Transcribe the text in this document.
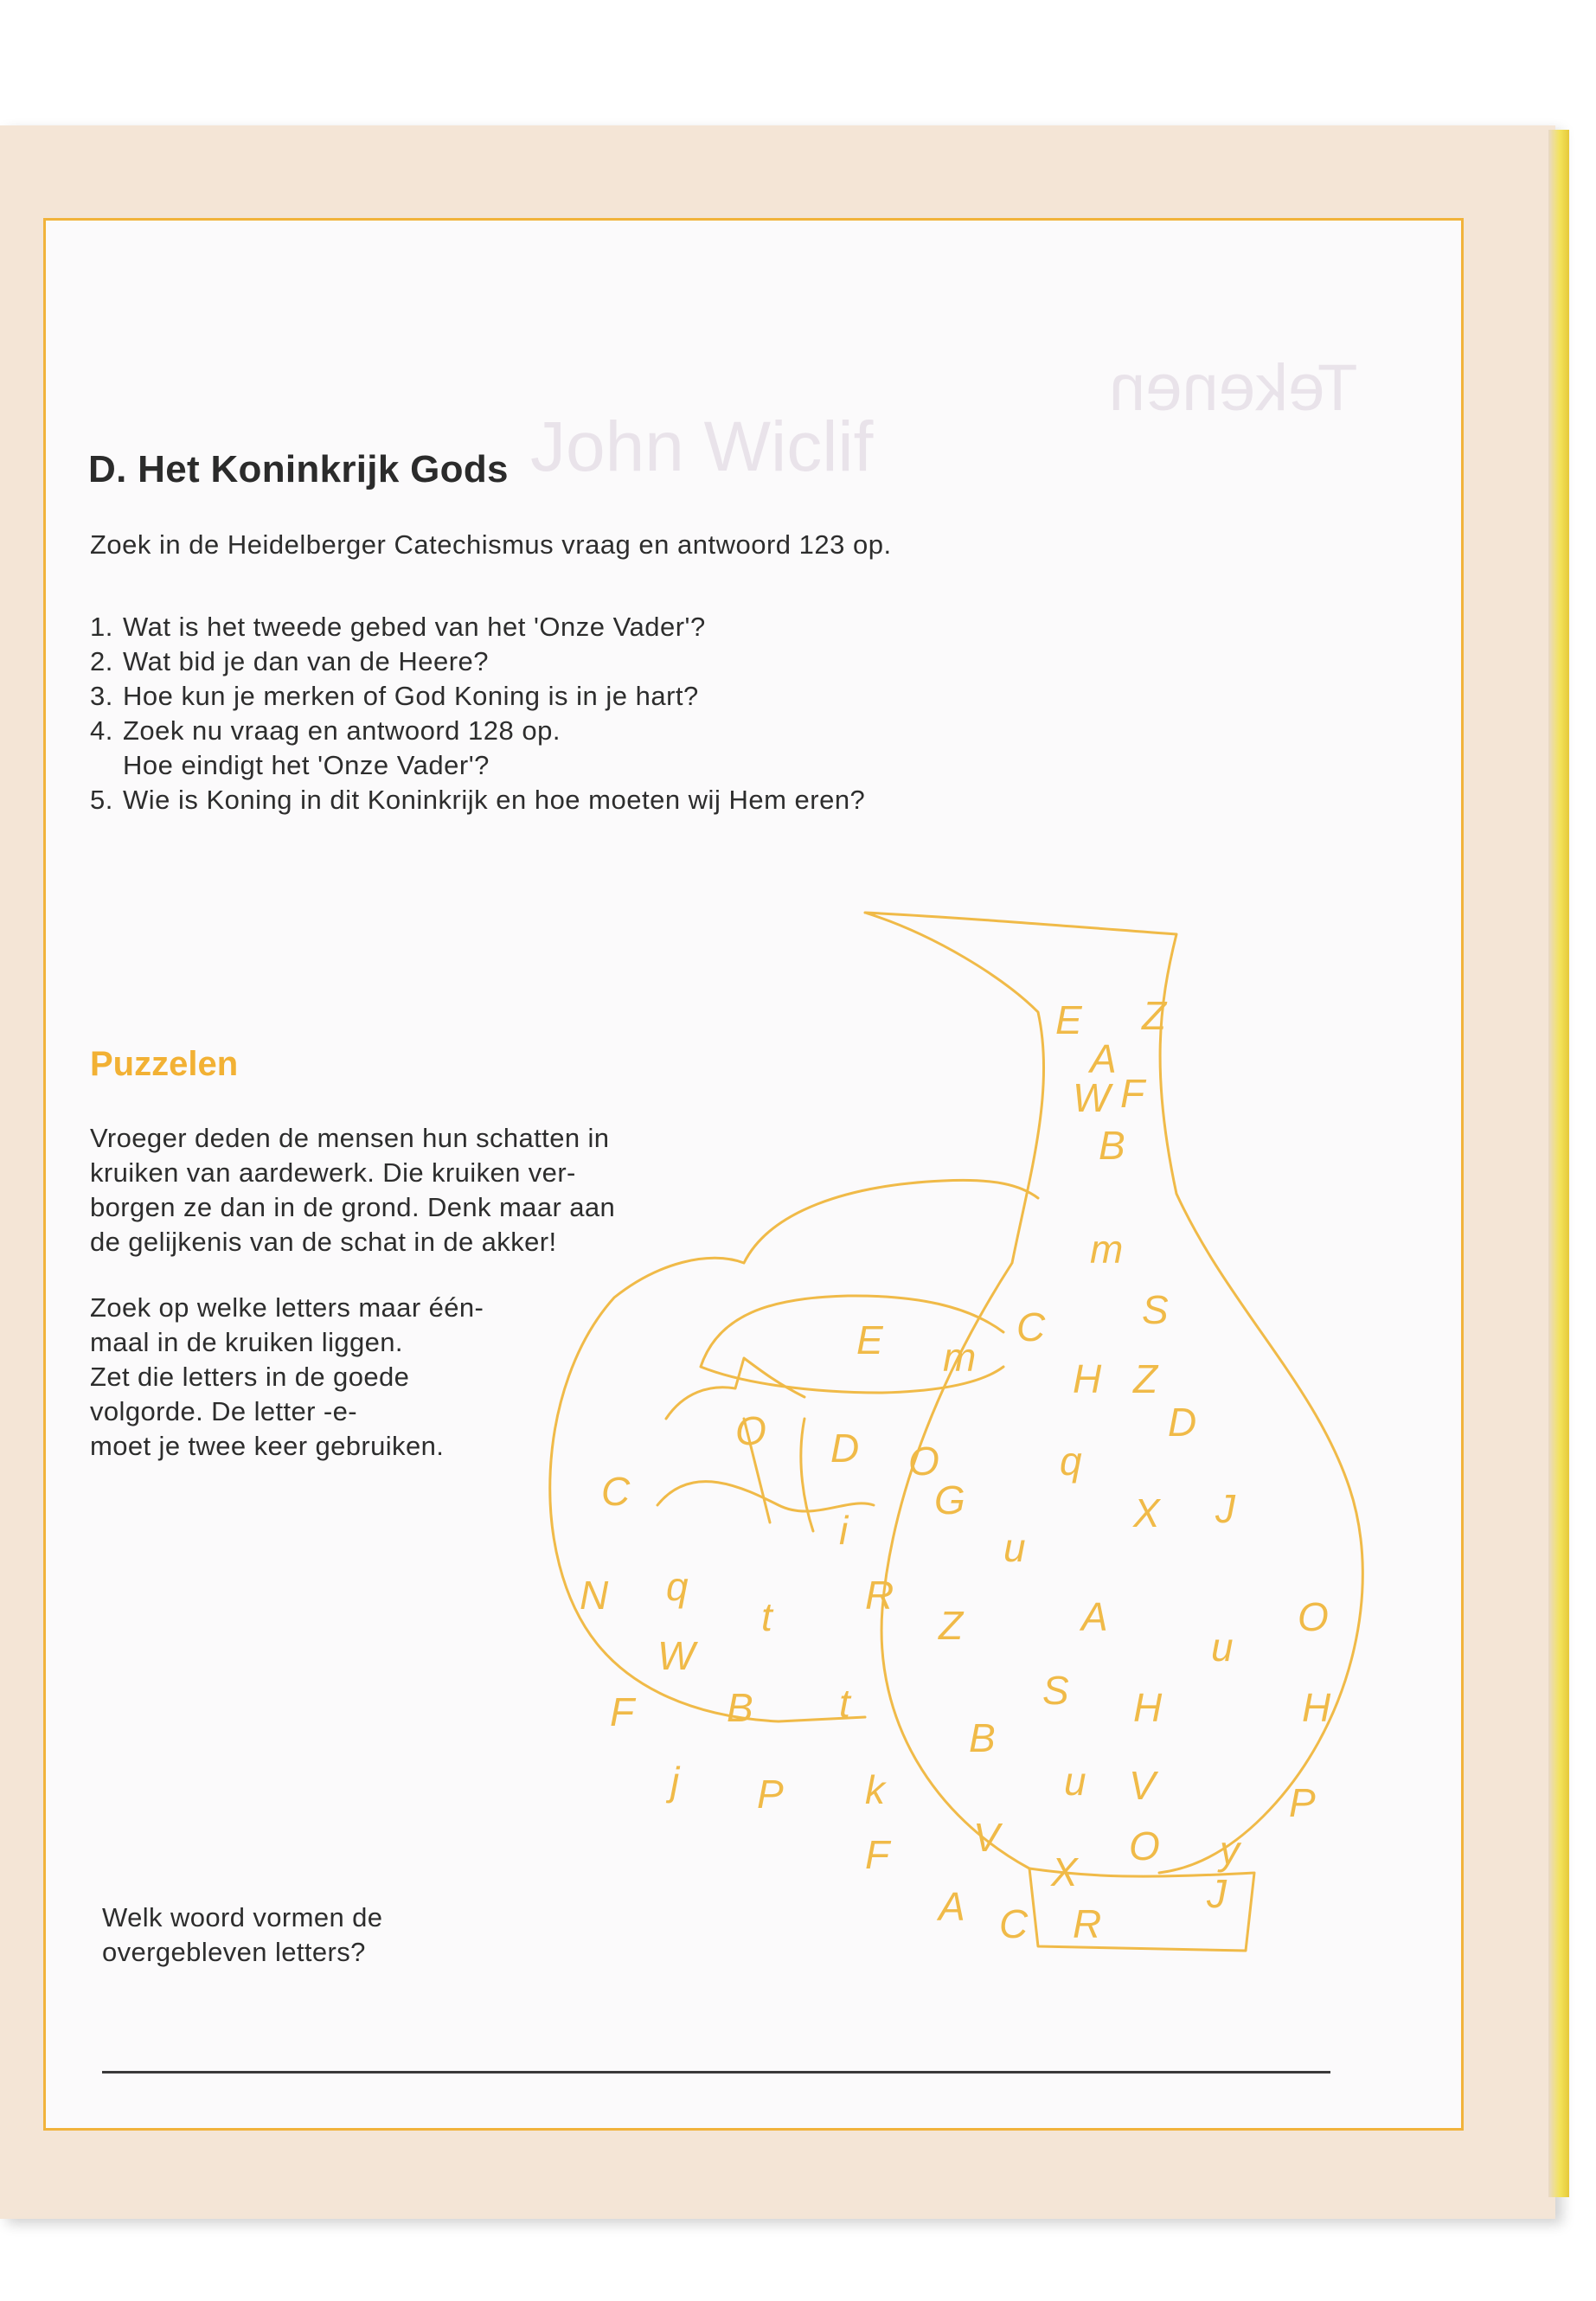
Tekenen
John Wiclif
D. Het Koninkrijk Gods

Zoek in de Heidelberger Catechismus vraag en antwoord 123 op.

1. Wat is het tweede gebed van het 'Onze Vader'?
2. Wat bid je dan van de Heere?
3. Hoe kun je merken of God Koning is in je hart?
4. Zoek nu vraag en antwoord 128 op.
Hoe eindigt het 'Onze Vader'?
5. Wie is Koning in dit Koninkrijk en hoe moeten wij Hem eren?
Puzzelen

Vroeger deden de mensen hun schatten in
kruiken van aardewerk. Die kruiken ver-
borgen ze dan in de grond. Denk maar aan
de gelijkenis van de schat in de akker!

Zoek op welke letters maar één-
maal in de kruiken liggen.
Zet die letters in de goede
volgorde. De letter -e-
moet je twee keer gebruiken.

Welk woord vormen de
overgebleven letters?

E
A
Z
W F
B
m
S
E m
C
H Z
D
O D O	q
X J
C	G
i	u
N q
t R
Z	A	O
u
W
F B t	S H	H
B
j P k	u V	P
V
F	O y
X
A C R
J
